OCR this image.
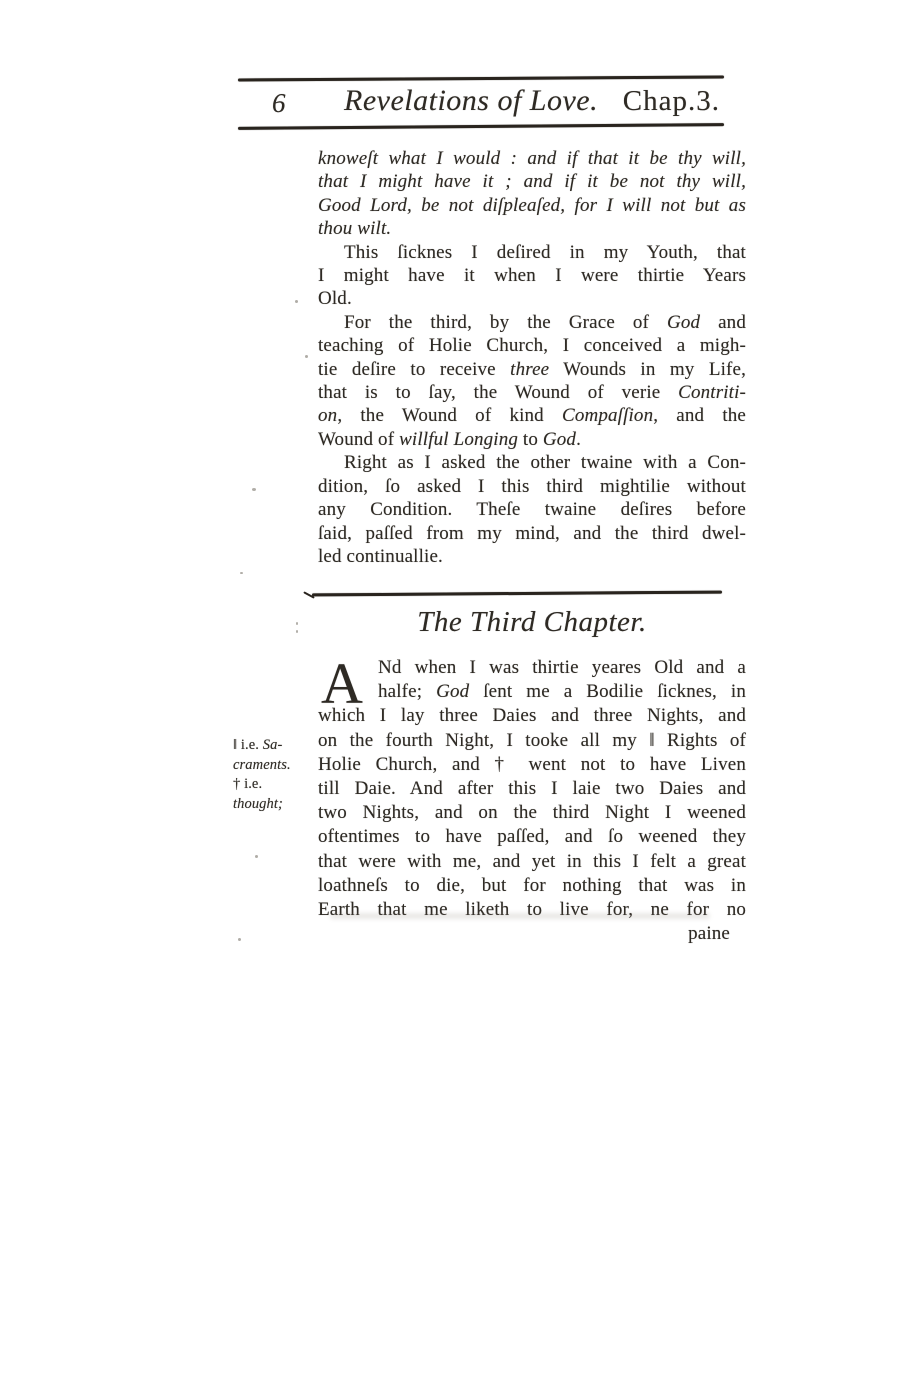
6 Revelations of Love. Chap.3.
knoweſt what I would : and if that it be thy will,
that I might have it ; and if it be not thy will,
Good Lord, be not diſpleaſed, for I will not but as
thou wilt.
This ſicknes I deſired in my Youth, that
I might have it when I were thirtie Years
Old.
For the third, by the Grace of God and
teaching of Holie Church, I conceived a migh-
tie deſire to receive three Wounds in my Life,
that is to ſay, the Wound of verie Contriti-
on, the Wound of kind Compaſſion, and the
Wound of willful Longing to God.
Right as I asked the other twaine with a Con-
dition, ſo asked I this third mightilie without
any Condition. Theſe twaine deſires before
ſaid, paſſed from my mind, and the third dwel-
led continuallie.
The Third Chapter.
A Nd when I was thirtie yeares Old and a
halfe; God ſent me a Bodilie ſicknes, in
which I lay three Daies and three Nights, and
on the fourth Night, I tooke all my ‖ Rights of
Holie Church, and † went not to have Liven
till Daie. And after this I laie two Daies and
two Nights, and on the third Night I weened
oftentimes to have paſſed, and ſo weened they
that were with me, and yet in this I felt a great
loathneſs to die, but for nothing that was in
Earth that me liketh to live for, ne for no
paine
‖ i.e. Sa-
craments.
† i.e.
thought;
